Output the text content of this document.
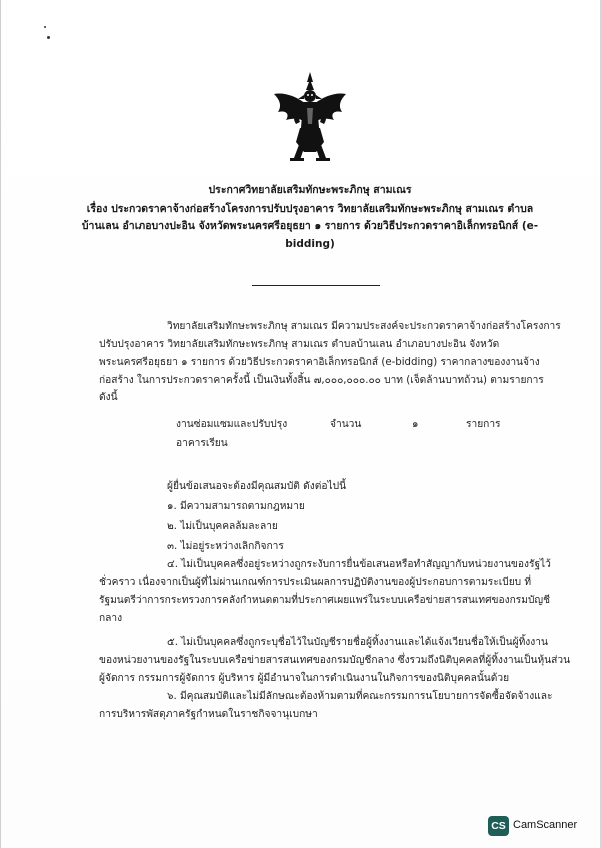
ประกาศวิทยาลัยเสริมทักษะพระภิกษุ สามเณร
เรื่อง ประกวดราคาจ้างก่อสร้างโครงการปรับปรุงอาคาร วิทยาลัยเสริมทักษะพระภิกษุ สามเณร ตำบล
บ้านเลน อำเภอบางปะอิน จังหวัดพระนครศรีอยุธยา ๑ รายการ ด้วยวิธีประกวดราคาอิเล็กทรอนิกส์ (e-
bidding)
วิทยาลัยเสริมทักษะพระภิกษุ สามเณร มีความประสงค์จะประกวดราคาจ้างก่อสร้างโครงการ
ปรับปรุงอาคาร วิทยาลัยเสริมทักษะพระภิกษุ สามเณร ตำบลบ้านเลน อำเภอบางปะอิน จังหวัด
พระนครศรีอยุธยา ๑ รายการ ด้วยวิธีประกวดราคาอิเล็กทรอนิกส์ (e-bidding) ราคากลางของงานจ้าง
ก่อสร้าง ในการประกวดราคาครั้งนี้ เป็นเงินทั้งสิ้น ๗,๐๐๐,๐๐๐.๐๐ บาท (เจ็ดล้านบาทถ้วน) ตามรายการ
ดังนี้
งานซ่อมแซมและปรับปรุง	จำนวน	๑	รายการ
อาคารเรียน
ผู้ยื่นข้อเสนอจะต้องมีคุณสมบัติ ดังต่อไปนี้
๑. มีความสามารถตามกฎหมาย
๒. ไม่เป็นบุคคลล้มละลาย
๓. ไม่อยู่ระหว่างเลิกกิจการ
๔. ไม่เป็นบุคคลซึ่งอยู่ระหว่างถูกระงับการยื่นข้อเสนอหรือทำสัญญากับหน่วยงานของรัฐไว้
ชั่วคราว เนื่องจากเป็นผู้ที่ไม่ผ่านเกณฑ์การประเมินผลการปฏิบัติงานของผู้ประกอบการตามระเบียบ ที่
รัฐมนตรีว่าการกระทรวงการคลังกำหนดตามที่ประกาศเผยแพร่ในระบบเครือข่ายสารสนเทศของกรมบัญชี
กลาง
๕. ไม่เป็นบุคคลซึ่งถูกระบุชื่อไว้ในบัญชีรายชื่อผู้ทิ้งงานและได้แจ้งเวียนชื่อให้เป็นผู้ทิ้งงาน
ของหน่วยงานของรัฐในระบบเครือข่ายสารสนเทศของกรมบัญชีกลาง ซึ่งรวมถึงนิติบุคคลที่ผู้ทิ้งงานเป็นหุ้นส่วน
ผู้จัดการ กรรมการผู้จัดการ ผู้บริหาร ผู้มีอำนาจในการดำเนินงานในกิจการของนิติบุคคลนั้นด้วย
๖. มีคุณสมบัติและไม่มีลักษณะต้องห้ามตามที่คณะกรรมการนโยบายการจัดซื้อจัดจ้างและ
การบริหารพัสดุภาครัฐกำหนดในราชกิจจานุเบกษา
CS CamScanner
